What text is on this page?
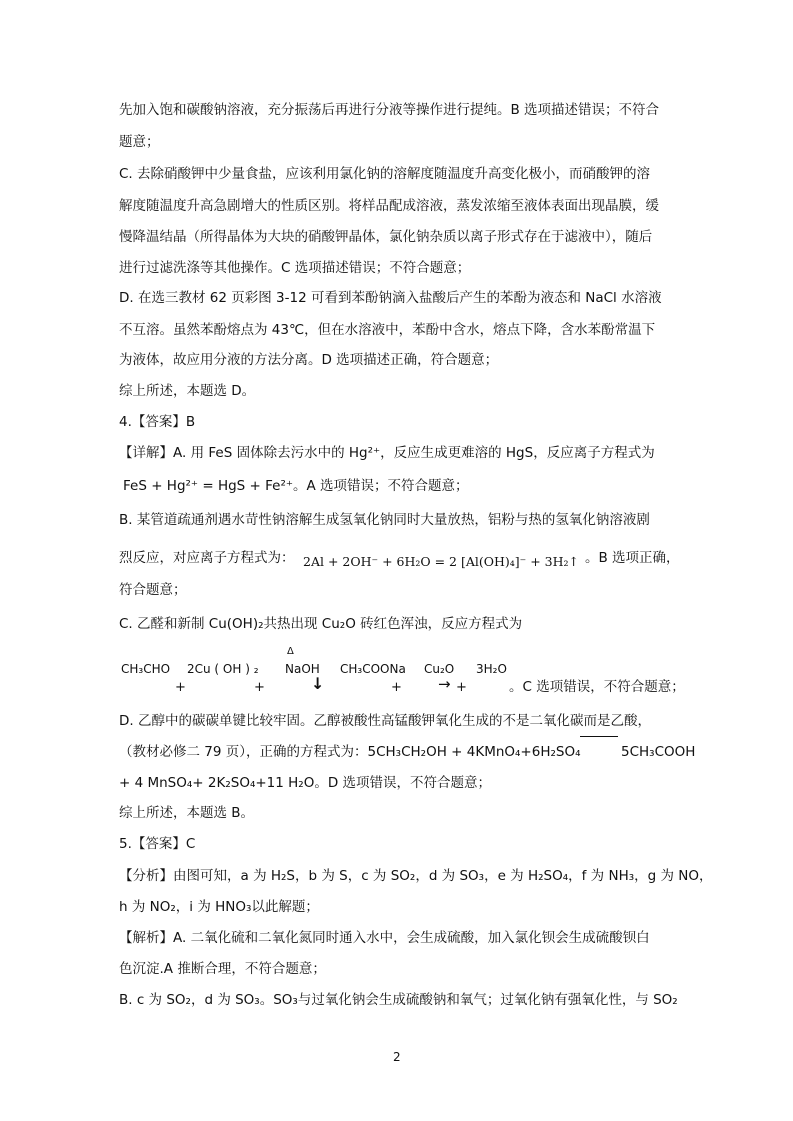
先加入饱和碳酸钠溶液，充分振荡后再进行分液等操作进行提纯。B 选项描述错误；不符合
题意；
C. 去除硝酸钾中少量食盐，应该利用氯化钠的溶解度随温度升高变化极小，而硝酸钾的溶
解度随温度升高急剧增大的性质区别。将样品配成溶液，蒸发浓缩至液体表面出现晶膜，缓
慢降温结晶（所得晶体为大块的硝酸钾晶体，氯化钠杂质以离子形式存在于滤液中），随后
进行过滤洗涤等其他操作。C 选项描述错误；不符合题意；
D. 在选三教材 62 页彩图 3-12 可看到苯酚钠滴入盐酸后产生的苯酚为液态和 NaCl 水溶液
不互溶。虽然苯酚熔点为 43℃，但在水溶液中，苯酚中含水，熔点下降，含水苯酚常温下
为液体，故应用分液的方法分离。D 选项描述正确，符合题意；
综上所述，本题选 D。
4.【答案】B
【详解】A. 用 FeS 固体除去污水中的 Hg²⁺，反应生成更难溶的 HgS，反应离子方程式为
FeS + Hg²⁺ = HgS + Fe²⁺。A 选项错误；不符合题意；
B. 某管道疏通剂遇水苛性钠溶解生成氢氧化钠同时大量放热，铝粉与热的氢氧化钠溶液剧
烈反应，对应离子方程式为： 2Al + 2OH⁻ + 6H₂O = 2 [Al(OH)₄]⁻ + 3H₂↑ 。B 选项正确，
符合题意；
C. 乙醛和新制 Cu(OH)₂共热出现 Cu₂O 砖红色浑浊，反应方程式为
Δ
CH₃CHO 2Cu ( OH ) ₂ NaOH CH₃COONa Cu₂O 3H₂O
+	+	↓	+ → +	。C 选项错误，不符合题意；
D. 乙醇中的碳碳单键比较牢固。乙醇被酸性高锰酸钾氧化生成的不是二氧化碳而是乙酸，
（教材必修二 79 页），正确的方程式为：5CH₃CH₂OH + 4KMnO₄+6H₂SO₄	5CH₃COOH
+ 4 MnSO₄+ 2K₂SO₄+11 H₂O。D 选项错误，不符合题意；
综上所述，本题选 B。
5.【答案】C
【分析】由图可知，a 为 H₂S，b 为 S，c 为 SO₂，d 为 SO₃，e 为 H₂SO₄，f 为 NH₃，g 为 NO，
h 为 NO₂，i 为 HNO₃以此解题；
【解析】A. 二氧化硫和二氧化氮同时通入水中，会生成硫酸，加入氯化钡会生成硫酸钡白
色沉淀.A 推断合理，不符合题意；
B. c 为 SO₂，d 为 SO₃。SO₃与过氧化钠会生成硫酸钠和氧气；过氧化钠有强氧化性，与 SO₂
2
